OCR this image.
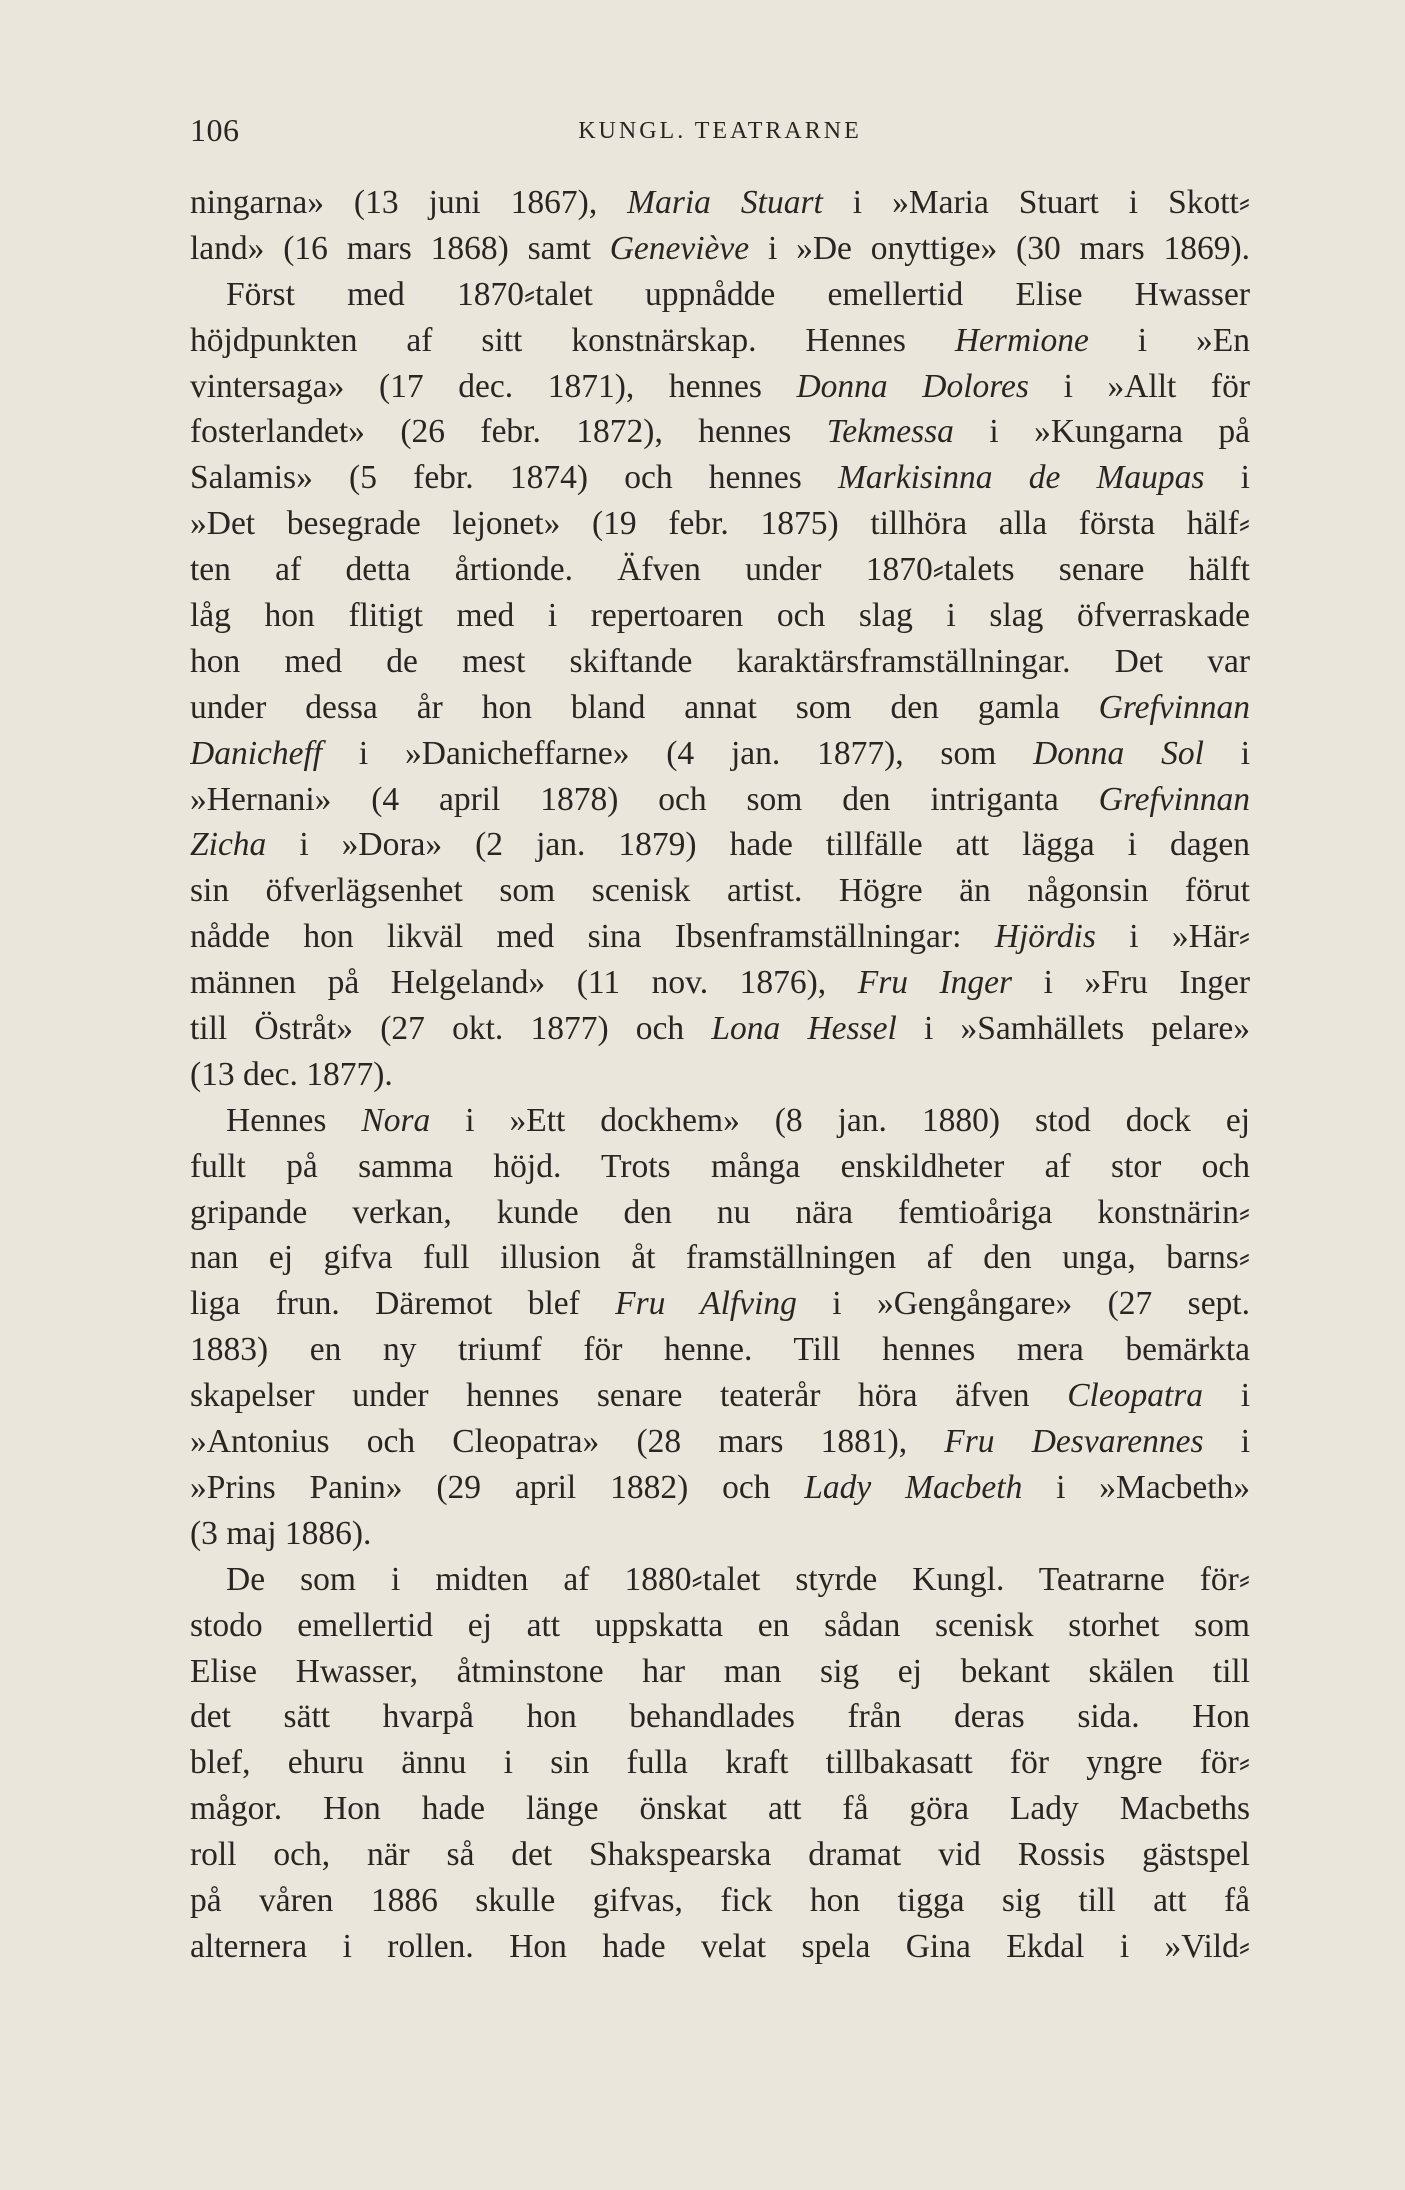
106	KUNGL. TEATRARNE
ningarna» (13 juni 1867), Maria Stuart i »Maria Stuart i Skott⸗
land» (16 mars 1868) samt Geneviève i »De onyttige» (30 mars 1869).
Först med 1870⸗talet uppnådde emellertid Elise Hwasser
höjdpunkten af sitt konstnärskap. Hennes Hermione i »En
vintersaga» (17 dec. 1871), hennes Donna Dolores i »Allt för
fosterlandet» (26 febr. 1872), hennes Tekmessa i »Kungarna på
Salamis» (5 febr. 1874) och hennes Markisinna de Maupas i
»Det besegrade lejonet» (19 febr. 1875) tillhöra alla första hälf⸗
ten af detta årtionde. Äfven under 1870⸗talets senare hälft
låg hon flitigt med i repertoaren och slag i slag öfverraskade
hon med de mest skiftande karaktärsframställningar. Det var
under dessa år hon bland annat som den gamla Grefvinnan
Danicheff i »Danicheffarne» (4 jan. 1877), som Donna Sol i
»Hernani» (4 april 1878) och som den intriganta Grefvinnan
Zicha i »Dora» (2 jan. 1879) hade tillfälle att lägga i dagen
sin öfverlägsenhet som scenisk artist. Högre än någonsin förut
nådde hon likväl med sina Ibsenframställningar: Hjördis i »Här⸗
männen på Helgeland» (11 nov. 1876), Fru Inger i »Fru Inger
till Östråt» (27 okt. 1877) och Lona Hessel i »Samhällets pelare»
(13 dec. 1877).
Hennes Nora i »Ett dockhem» (8 jan. 1880) stod dock ej
fullt på samma höjd. Trots många enskildheter af stor och
gripande verkan, kunde den nu nära femtioåriga konstnärin⸗
nan ej gifva full illusion åt framställningen af den unga, barns⸗
liga frun. Däremot blef Fru Alfving i »Gengångare» (27 sept.
1883) en ny triumf för henne. Till hennes mera bemärkta
skapelser under hennes senare teaterår höra äfven Cleopatra i
»Antonius och Cleopatra» (28 mars 1881), Fru Desvarennes i
»Prins Panin» (29 april 1882) och Lady Macbeth i »Macbeth»
(3 maj 1886).
De som i midten af 1880⸗talet styrde Kungl. Teatrarne för⸗
stodo emellertid ej att uppskatta en sådan scenisk storhet som
Elise Hwasser, åtminstone har man sig ej bekant skälen till
det sätt hvarpå hon behandlades från deras sida. Hon
blef, ehuru ännu i sin fulla kraft tillbakasatt för yngre för⸗
mågor. Hon hade länge önskat att få göra Lady Macbeths
roll och, när så det Shakspearska dramat vid Rossis gästspel
på våren 1886 skulle gifvas, fick hon tigga sig till att få
alternera i rollen. Hon hade velat spela Gina Ekdal i »Vild⸗
